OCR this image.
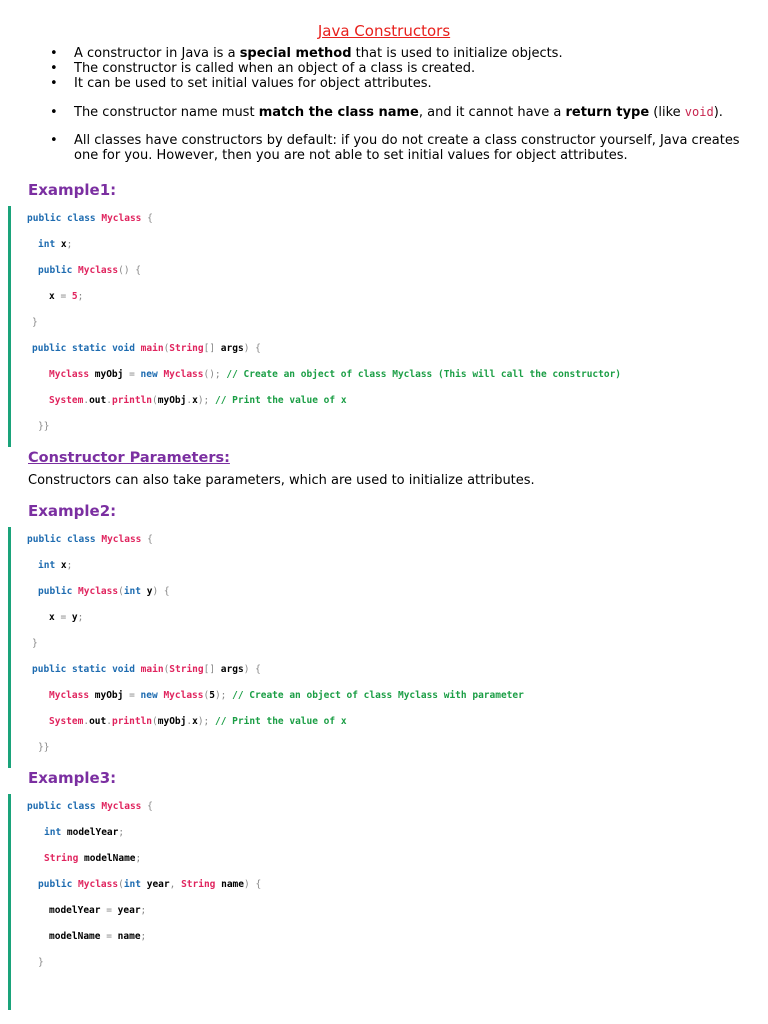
Java Constructors
• A constructor in Java is a special method that is used to initialize objects.
• The constructor is called when an object of a class is created.
• It can be used to set initial values for object attributes.
• The constructor name must match the class name, and it cannot have a return type (like void).
• All classes have constructors by default: if you do not create a class constructor yourself, Java creates one for you. However, then you are not able to set initial values for object attributes.
Example1:
public class Myclass {
int x;
public Myclass() {
x = 5;
}
public static void main(String[] args) {
Myclass myObj = new Myclass(); // Create an object of class Myclass (This will call the constructor)
System.out.println(myObj.x); // Print the value of x
}}
Constructor Parameters:

Constructors can also take parameters, which are used to initialize attributes.

Example2:
public class Myclass {
int x;
public Myclass(int y) {
x = y;
}
public static void main(String[] args) {
Myclass myObj = new Myclass(5); // Create an object of class Myclass with parameter
System.out.println(myObj.x); // Print the value of x
}}
Example3:
public class Myclass {
int modelYear;
String modelName;
public Myclass(int year, String name) {
modelYear = year;
modelName = name;
}
